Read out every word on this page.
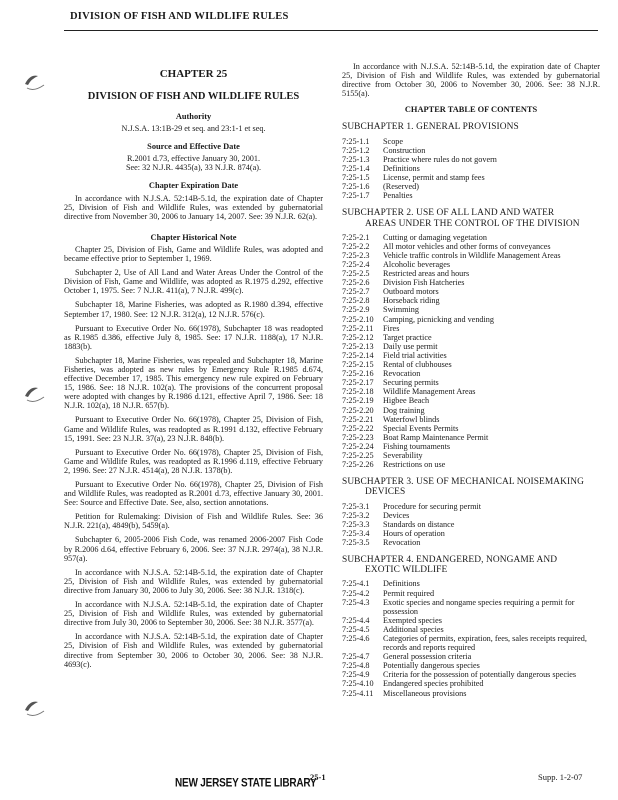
DIVISION OF FISH AND WILDLIFE RULES
CHAPTER 25
DIVISION OF FISH AND WILDLIFE RULES
Authority
N.J.S.A. 13:1B-29 et seq. and 23:1-1 et seq.
Source and Effective Date
R.2001 d.73, effective January 30, 2001.
See: 32 N.J.R. 4435(a), 33 N.J.R. 874(a).
Chapter Expiration Date

In accordance with N.J.S.A. 52:14B-5.1d, the expiration date of Chapter 25, Division of Fish and Wildlife Rules, was extended by gubernatorial directive from November 30, 2006 to January 14, 2007. See: 39 N.J.R. 62(a).

Chapter Historical Note

Chapter 25, Division of Fish, Game and Wildlife Rules, was adopted and became effective prior to September 1, 1969.

Subchapter 2, Use of All Land and Water Areas Under the Control of the Division of Fish, Game and Wildlife, was adopted as R.1975 d.292, effective October 1, 1975. See: 7 N.J.R. 411(a), 7 N.J.R. 499(c).

Subchapter 18, Marine Fisheries, was adopted as R.1980 d.394, effective September 17, 1980. See: 12 N.J.R. 312(a), 12 N.J.R. 576(c).

Pursuant to Executive Order No. 66(1978), Subchapter 18 was readopted as R.1985 d.386, effective July 8, 1985. See: 17 N.J.R. 1188(a), 17 N.J.R. 1883(b).

Subchapter 18, Marine Fisheries, was repealed and Subchapter 18, Marine Fisheries, was adopted as new rules by Emergency Rule R.1985 d.674, effective December 17, 1985. This emergency new rule expired on February 15, 1986. See: 18 N.J.R. 102(a). The provisions of the concurrent proposal were adopted with changes by R.1986 d.121, effective April 7, 1986. See: 18 N.J.R. 102(a), 18 N.J.R. 657(b).

Pursuant to Executive Order No. 66(1978), Chapter 25, Division of Fish, Game and Wildlife Rules, was readopted as R.1991 d.132, effective February 15, 1991. See: 23 N.J.R. 37(a), 23 N.J.R. 848(b).

Pursuant to Executive Order No. 66(1978), Chapter 25, Division of Fish, Game and Wildlife Rules, was readopted as R.1996 d.119, effective February 2, 1996. See: 27 N.J.R. 4514(a), 28 N.J.R. 1378(b).

Pursuant to Executive Order No. 66(1978), Chapter 25, Division of Fish and Wildlife Rules, was readopted as R.2001 d.73, effective January 30, 2001. See: Source and Effective Date. See, also, section annotations.

Petition for Rulemaking: Division of Fish and Wildlife Rules. See: 36 N.J.R. 221(a), 4849(b), 5459(a).

Subchapter 6, 2005-2006 Fish Code, was renamed 2006-2007 Fish Code by R.2006 d.64, effective February 6, 2006. See: 37 N.J.R. 2974(a), 38 N.J.R. 957(a).

In accordance with N.J.S.A. 52:14B-5.1d, the expiration date of Chapter 25, Division of Fish and Wildlife Rules, was extended by gubernatorial directive from January 30, 2006 to July 30, 2006. See: 38 N.J.R. 1318(c).

In accordance with N.J.S.A. 52:14B-5.1d, the expiration date of Chapter 25, Division of Fish and Wildlife Rules, was extended by gubernatorial directive from July 30, 2006 to September 30, 2006. See: 38 N.J.R. 3577(a).

In accordance with N.J.S.A. 52:14B-5.1d, the expiration date of Chapter 25, Division of Fish and Wildlife Rules, was extended by gubernatorial directive from September 30, 2006 to October 30, 2006. See: 38 N.J.R. 4693(c).

In accordance with N.J.S.A. 52:14B-5.1d, the expiration date of Chapter 25, Division of Fish and Wildlife Rules, was extended by gubernatorial directive from October 30, 2006 to November 30, 2006. See: 38 N.J.R. 5155(a).

CHAPTER TABLE OF CONTENTS
SUBCHAPTER 1. GENERAL PROVISIONS
7:25-1.1	Scope
7:25-1.2	Construction
7:25-1.3	Practice where rules do not govern
7:25-1.4	Definitions
7:25-1.5	License, permit and stamp fees
7:25-1.6	(Reserved)
7:25-1.7	Penalties
SUBCHAPTER 2. USE OF ALL LAND AND WATER
AREAS UNDER THE CONTROL OF THE DIVISION
7:25-2.1	Cutting or damaging vegetation
7:25-2.2	All motor vehicles and other forms of conveyances
7:25-2.3	Vehicle traffic controls in Wildlife Management Areas
7:25-2.4	Alcoholic beverages
7:25-2.5	Restricted areas and hours
7:25-2.6	Division Fish Hatcheries
7:25-2.7	Outboard motors
7:25-2.8	Horseback riding
7:25-2.9	Swimming
7:25-2.10	Camping, picnicking and vending
7:25-2.11	Fires
7:25-2.12	Target practice
7:25-2.13	Daily use permit
7:25-2.14	Field trial activities
7:25-2.15	Rental of clubhouses
7:25-2.16	Revocation
7:25-2.17	Securing permits
7:25-2.18	Wildlife Management Areas
7:25-2.19	Higbee Beach
7:25-2.20	Dog training
7:25-2.21	Waterfowl blinds
7:25-2.22	Special Events Permits
7:25-2.23	Boat Ramp Maintenance Permit
7:25-2.24	Fishing tournaments
7:25-2.25	Severability
7:25-2.26	Restrictions on use
SUBCHAPTER 3. USE OF MECHANICAL NOISEMAKING
DEVICES
7:25-3.1	Procedure for securing permit
7:25-3.2	Devices
7:25-3.3	Standards on distance
7:25-3.4	Hours of operation
7:25-3.5	Revocation
SUBCHAPTER 4. ENDANGERED, NONGAME AND
EXOTIC WILDLIFE
7:25-4.1	Definitions
7:25-4.2	Permit required
7:25-4.3	Exotic species and nongame species requiring a permit for possession
7:25-4.4	Exempted species
7:25-4.5	Additional species
7:25-4.6	Categories of permits, expiration, fees, sales receipts required, records and reports required
7:25-4.7	General possession criteria
7:25-4.8	Potentially dangerous species
7:25-4.9	Criteria for the possession of potentially dangerous species
7:25-4.10	Endangered species prohibited
7:25-4.11	Miscellaneous provisions
NEW JERSEY STATE LIBRARY
25-1	Supp. 1-2-07
